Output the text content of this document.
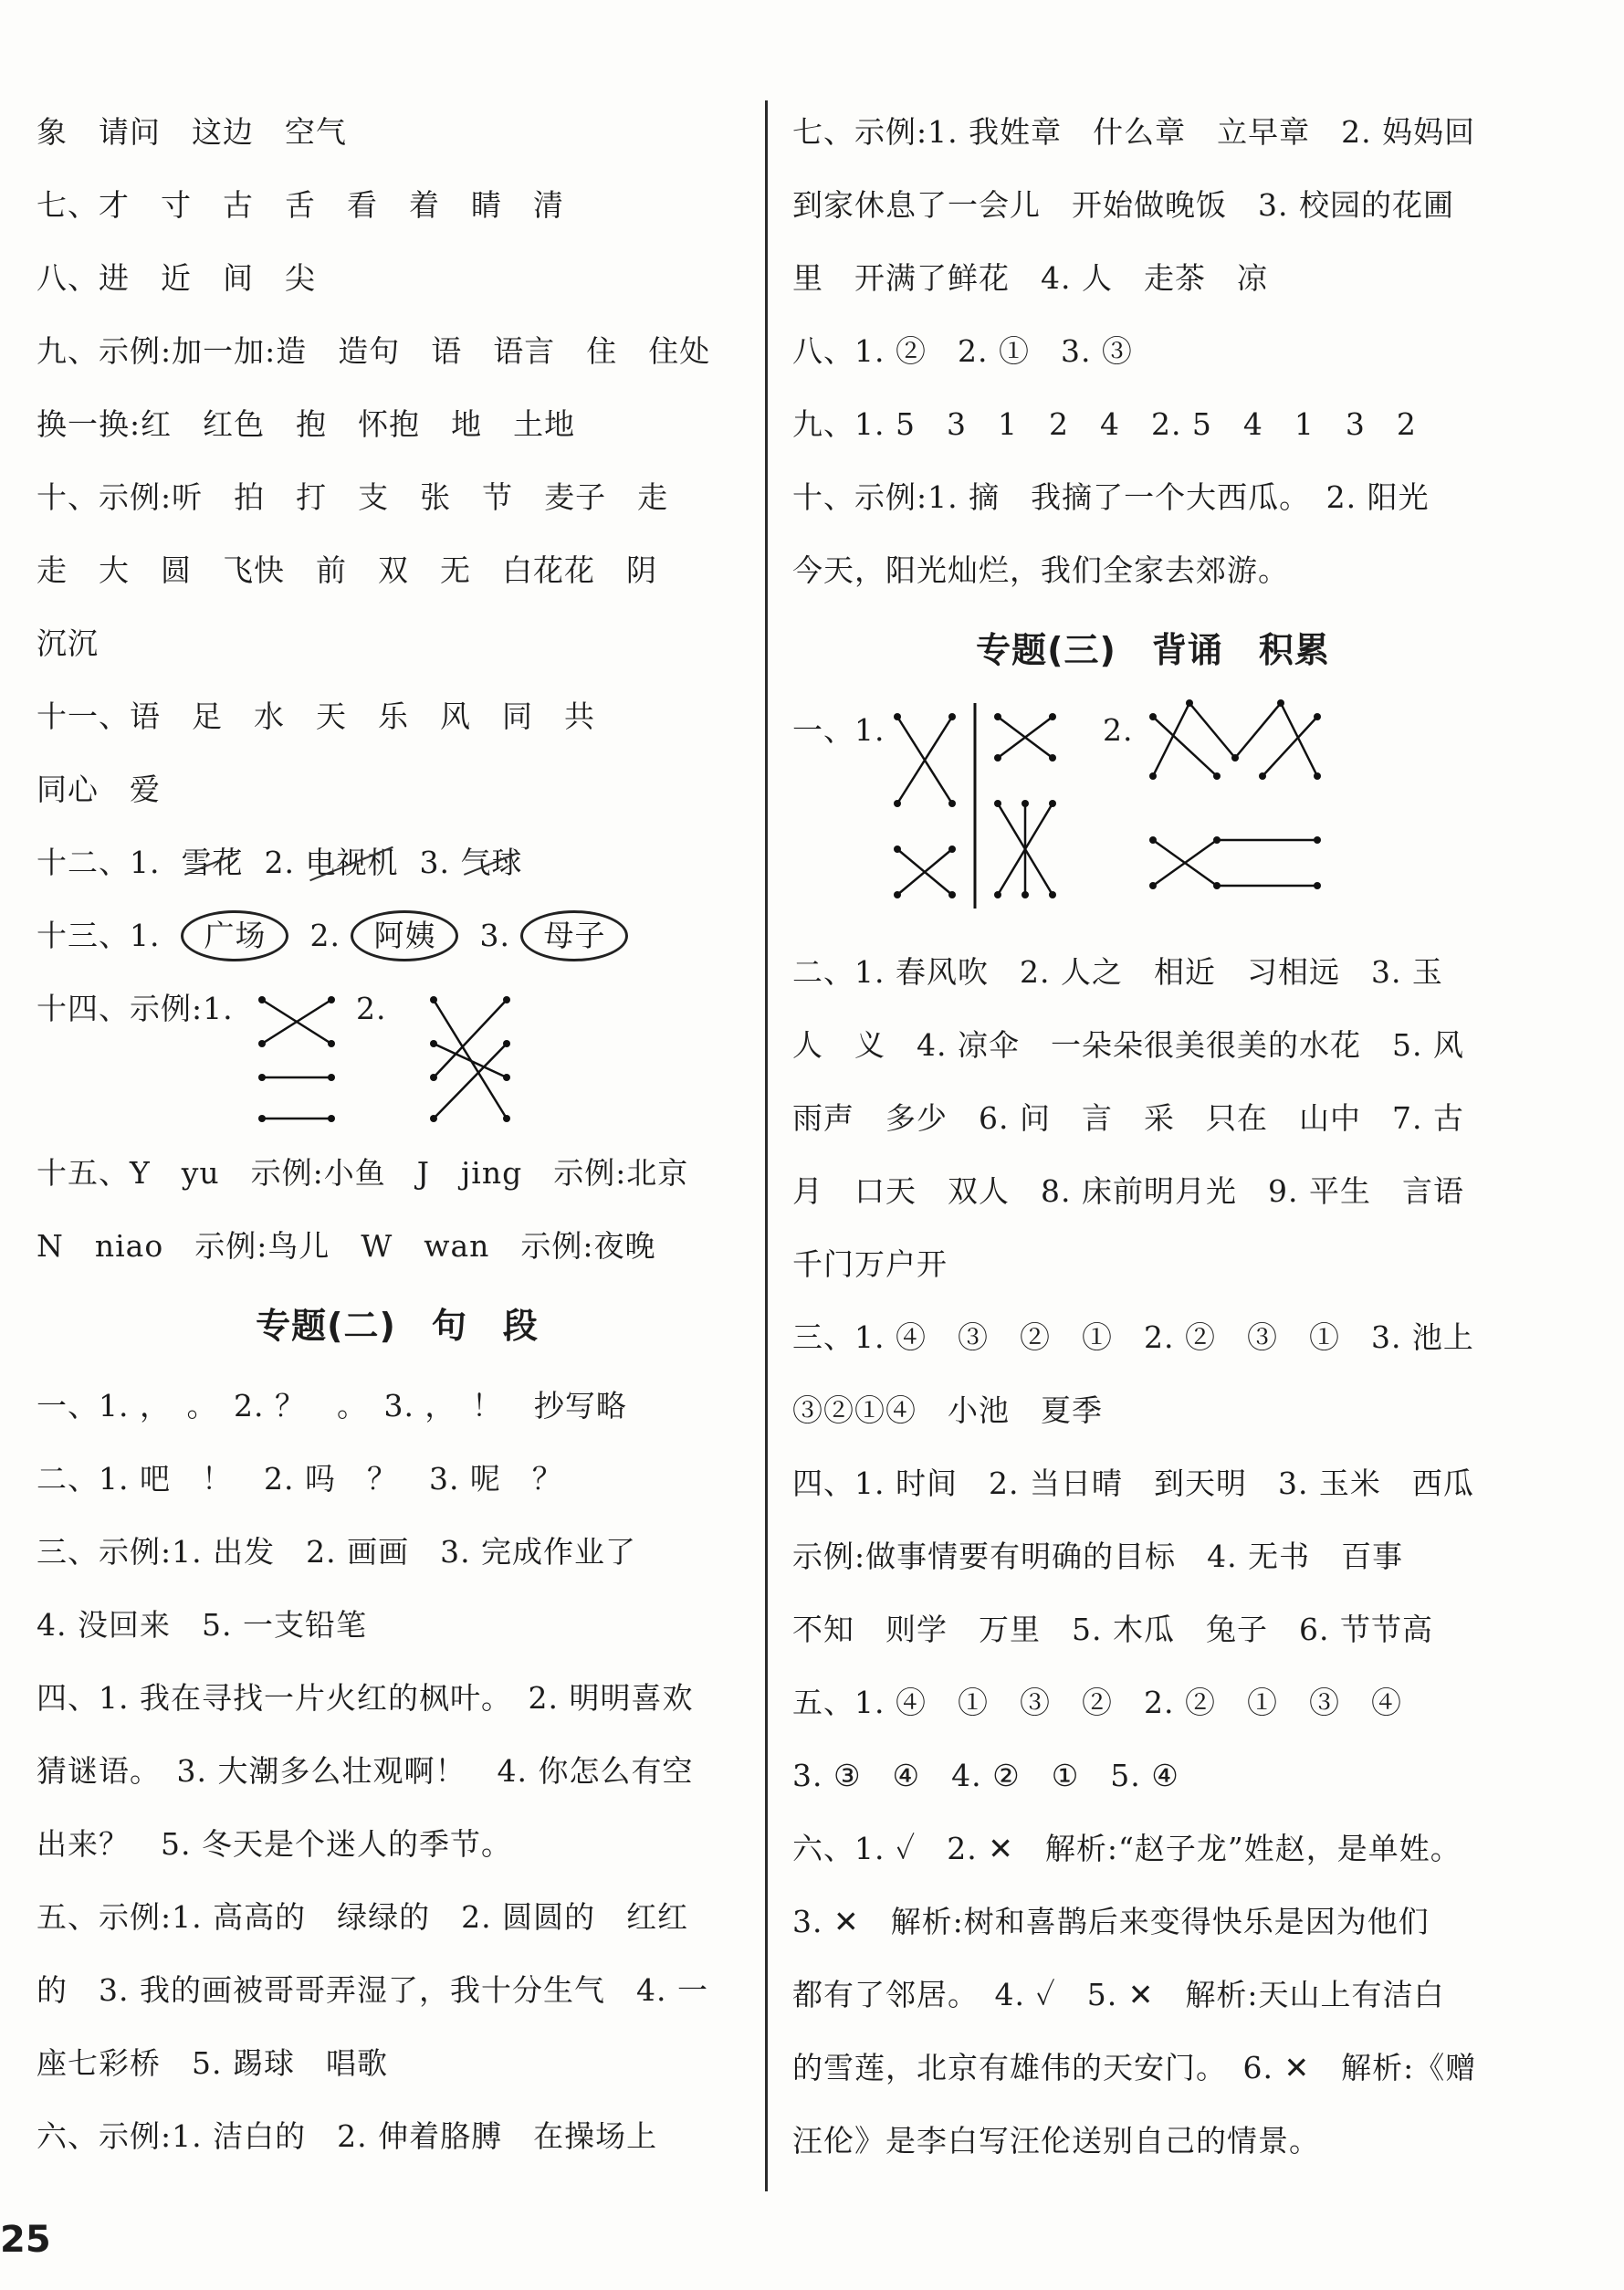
象　请问　这边　空气
七、才　寸　古　舌　看　着　睛　清
八、进　近　间　尖
九、示例:加一加:造　造句　语　语言　住　住处
换一换:红　红色　抱　怀抱　地　土地
十、示例:听　拍　打　支　张　节　麦子　走
走　大　圆　飞快　前　双　无　白花花　阴
沉沉
十一、语　足　水　天　乐　风　同　共
同心　爱
十二、1. 雪花 2. 电视机 3. 气球
十三、1. 广场 2. 阿姨 3. 母子
十四、示例:1.	2.

十五、Y　yu　示例:小鱼　J　jing　示例:北京
N　niao　示例:鸟儿　W　wan　示例:夜晚
专题(二)　句　段
一、1. ，　。　2. ？　。　3. ，　！　抄写略
二、1. 吧　！　2. 吗　？　3. 呢　？
三、示例:1. 出发　2. 画画　3. 完成作业了
4. 没回来　5. 一支铅笔
四、1. 我在寻找一片火红的枫叶。　2. 明明喜欢
猜谜语。　3. 大潮多么壮观啊！　4. 你怎么有空
出来？　5. 冬天是个迷人的季节。
五、示例:1. 高高的　绿绿的　2. 圆圆的　红红
的　3. 我的画被哥哥弄湿了，我十分生气　4. 一
座七彩桥　5. 踢球　唱歌
六、示例:1. 洁白的　2. 伸着胳膊　在操场上
七、示例:1. 我姓章　什么章　立早章　2. 妈妈回
到家休息了一会儿　开始做晚饭　3. 校园的花圃
里　开满了鲜花　4. 人　走茶　凉
八、1. ②　2. ①　3. ③
九、1. 5　3　1　2　4　2. 5　4　1　3　2
十、示例:1. 摘　我摘了一个大西瓜。　2. 阳光
今天，阳光灿烂，我们全家去郊游。
专题(三)　背诵　积累
一、1.	2.

二、1. 春风吹　2. 人之　相近　习相远　3. 玉
人　义　4. 凉伞　一朵朵很美很美的水花　5. 风
雨声　多少　6. 问　言　采　只在　山中　7. 古
月　口天　双人　8. 床前明月光　9. 平生　言语
千门万户开
三、1. ④　③　②　①　2. ②　③　①　3. 池上
③②①④　小池　夏季
四、1. 时间　2. 当日晴　到天明　3. 玉米　西瓜
示例:做事情要有明确的目标　4. 无书　百事
不知　则学　万里　5. 木瓜　兔子　6. 节节高
五、1. ④　①　③　②　2. ②　①　③　④
3. ③　④　4. ②　①　5. ④
六、1. ✓　2. ✕　解析:“赵子龙”姓赵，是单姓。
3. ✕　解析:树和喜鹊后来变得快乐是因为他们
都有了邻居。　4. ✓　5. ✕　解析:天山上有洁白
的雪莲，北京有雄伟的天安门。　6. ✕　解析:《赠
汪伦》是李白写汪伦送别自己的情景。
25
